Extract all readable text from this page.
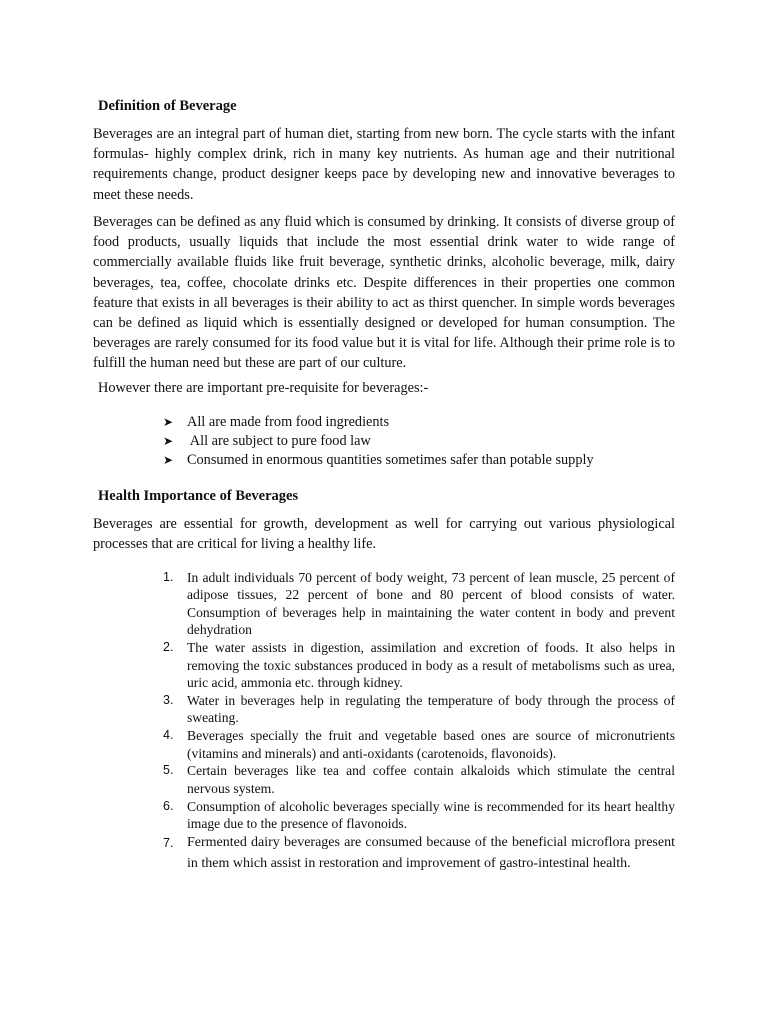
Definition of Beverage

Beverages are an integral part of human diet, starting from new born. The cycle starts with the infant formulas- highly complex drink, rich in many key nutrients. As human age and their nutritional requirements change, product designer keeps pace by developing new and innovative beverages to meet these needs.

Beverages can be defined as any fluid which is consumed by drinking. It consists of diverse group of food products, usually liquids that include the most essential drink water to wide range of commercially available fluids like fruit beverage, synthetic drinks, alcoholic beverage, milk, dairy beverages, tea, coffee, chocolate drinks etc. Despite differences in their properties one common feature that exists in all beverages is their ability to act as thirst quencher. In simple words beverages can be defined as liquid which is essentially designed or developed for human consumption. The beverages are rarely consumed for its food value but it is vital for life. Although their prime role is to fulfill the human need but these are part of our culture.

However there are important pre-requisite for beverages:-

➤ All are made from food ingredients
➤ All are subject to pure food law
➤ Consumed in enormous quantities sometimes safer than potable supply
Health Importance of Beverages

Beverages are essential for growth, development as well for carrying out various physiological processes that are critical for living a healthy life.

1. In adult individuals 70 percent of body weight, 73 percent of lean muscle, 25 percent of adipose tissues, 22 percent of bone and 80 percent of blood consists of water. Consumption of beverages help in maintaining the water content in body and prevent dehydration
2. The water assists in digestion, assimilation and excretion of foods. It also helps in removing the toxic substances produced in body as a result of metabolisms such as urea, uric acid, ammonia etc. through kidney.
3. Water in beverages help in regulating the temperature of body through the process of sweating.
4. Beverages specially the fruit and vegetable based ones are source of micronutrients (vitamins and minerals) and anti-oxidants (carotenoids, flavonoids).
5. Certain beverages like tea and coffee contain alkaloids which stimulate the central nervous system.
6. Consumption of alcoholic beverages specially wine is recommended for its heart healthy image due to the presence of flavonoids.
7. Fermented dairy beverages are consumed because of the beneficial microflora present in them which assist in restoration and improvement of gastro-intestinal health.
